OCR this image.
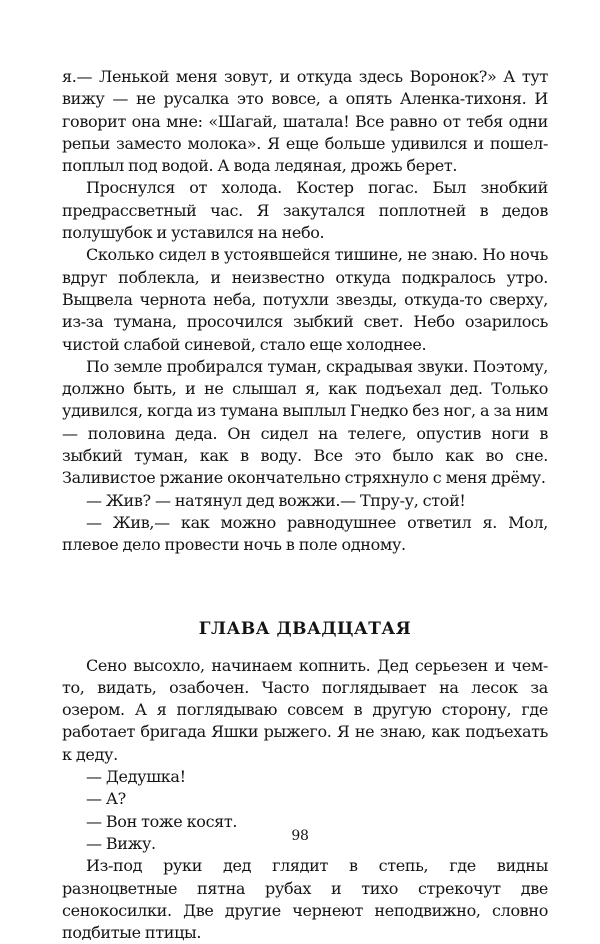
я.— Ленькой меня зовут, и откуда здесь Воронок?» А тут вижу — не русалка это вовсе, а опять Аленка-тихоня. И говорит она мне: «Шагай, шатала! Все равно от тебя одни репьи заместо молока». Я еще больше удивился и пошел-поплыл под водой. А вода ледяная, дрожь берет.

Проснулся от холода. Костер погас. Был знобкий предрассветный час. Я закутался поплотней в дедов полушубок и уставился на небо.

Сколько сидел в устоявшейся тишине, не знаю. Но ночь вдруг поблекла, и неизвестно откуда подкралось утро. Выцвела чернота неба, потухли звезды, откуда-то сверху, из-за тумана, просочился зыбкий свет. Небо озарилось чистой слабой синевой, стало еще холоднее.

По земле пробирался туман, скрадывая звуки. Поэтому, должно быть, и не слышал я, как подъехал дед. Только удивился, когда из тумана выплыл Гнедко без ног, а за ним — половина деда. Он сидел на телеге, опустив ноги в зыбкий туман, как в воду. Все это было как во сне. Заливистое ржание окончательно стряхнуло с меня дрёму.

— Жив? — натянул дед вожжи.— Тпру-у, стой!

— Жив,— как можно равнодушнее ответил я. Мол, плевое дело провести ночь в поле одному.

ГЛАВА ДВАДЦАТАЯ

Сено высохло, начинаем копнить. Дед серьезен и чем-то, видать, озабочен. Часто поглядывает на лесок за озером. А я поглядываю совсем в другую сторону, где работает бригада Яшки рыжего. Я не знаю, как подъехать к деду.

— Дедушка!

— А?

— Вон тоже косят.

— Вижу.

Из-под руки дед глядит в степь, где видны разноцветные пятна рубах и тихо стрекочут две сенокосилки. Две другие чернеют неподвижно, словно подбитые птицы.

98
